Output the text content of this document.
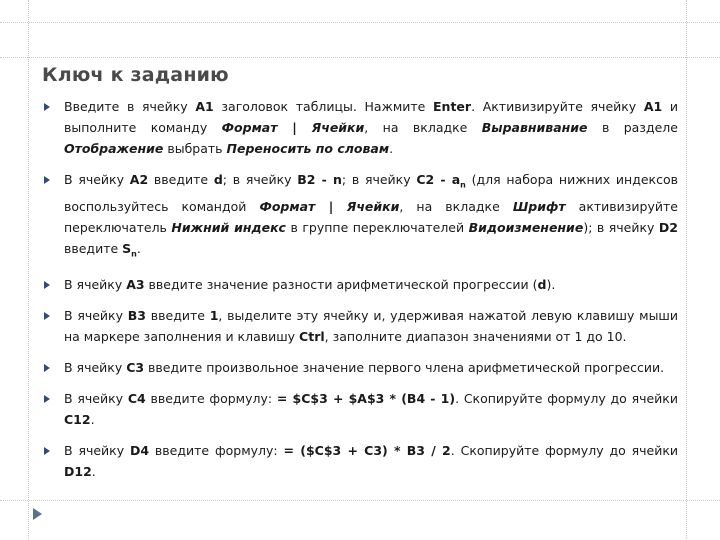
Ключ к заданию
Введите в ячейку A1 заголовок таблицы. Нажмите Enter. Активизируйте ячейку A1 и выполните команду Формат | Ячейки, на вкладке Выравнивание в разделе Отображение выбрать Переносить по словам.
В ячейку A2 введите d; в ячейку B2 - n; в ячейку $C2 - a_n$ (для набора нижних индексов воспользуйтесь командой Формат | Ячейки, на вкладке Шрифт активизируйте переключатель Нижний индекс в группе переключателей Видоизменение); в ячейку D2 введите $S_n$.
В ячейку A3 введите значение разности арифметической прогрессии (d).
В ячейку B3 введите 1, выделите эту ячейку и, удерживая нажатой левую клавишу мыши на маркере заполнения и клавишу Ctrl, заполните диапазон значениями от 1 до 10.
В ячейку C3 введите произвольное значение первого члена арифметической прогрессии.
В ячейку C4 введите формулу: = $C$3 + $A$3 * (B4 - 1). Скопируйте формулу до ячейки C12.
В ячейку D4 введите формулу: = ($C$3 + C3) * B3 / 2. Скопируйте формулу до ячейки D12.
